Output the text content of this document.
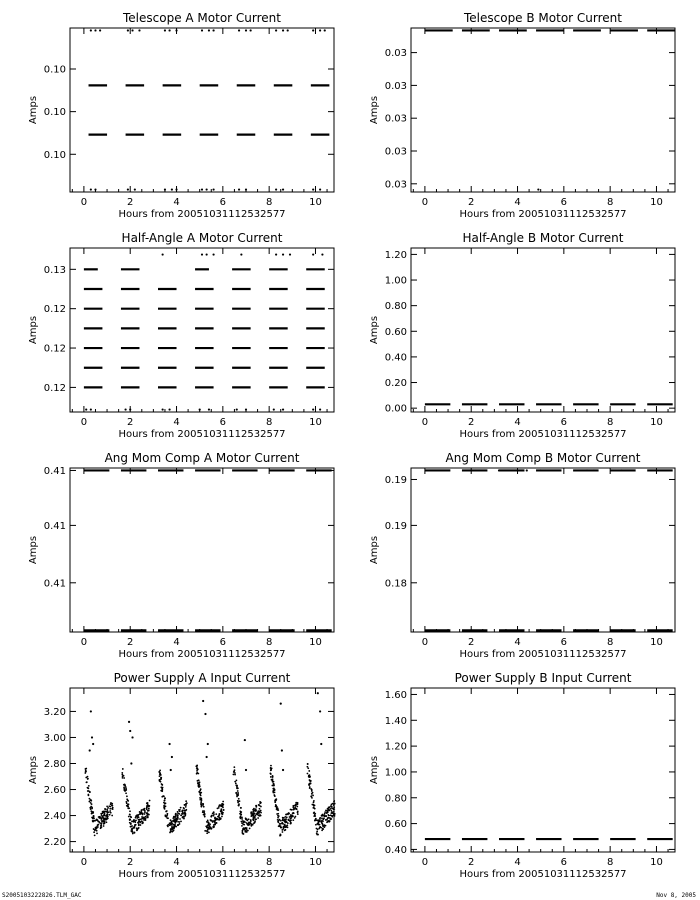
Telescope A Motor Current
0	2	4	6	8	10
0.10
0.10
0.10
Hours from 20051031112532577
Amps
Telescope B Motor Current
0	2	4	6	8	10
0.03
0.03
0.03
0.03
0.03
Hours from 20051031112532577
Amps
Half-Angle A Motor Current
0	2	4	6	8	10
0.12
0.12
0.12
0.13
Hours from 20051031112532577
Amps
Half-Angle B Motor Current
0	2	4	6	8	10
0.00
0.20
0.40
0.60
0.80
1.00
1.20
Hours from 20051031112532577
Amps
Ang Mom Comp A Motor Current
0	2	4	6	8	10
0.41
0.41
0.41
Hours from 20051031112532577
Amps
Ang Mom Comp B Motor Current
0	2	4	6	8	10
0.18
0.19
0.19
Hours from 20051031112532577
Amps
Power Supply A Input Current
0	2	4	6	8	10
2.20
2.40
2.60
2.80
3.00
3.20
Hours from 20051031112532577
Amps
Power Supply B Input Current
0	2	4	6	8	10
0.40
0.60
0.80
1.00
1.20
1.40
1.60
Hours from 20051031112532577
Amps
S2005103222826.TLM_GAC	Nov 8, 2005
